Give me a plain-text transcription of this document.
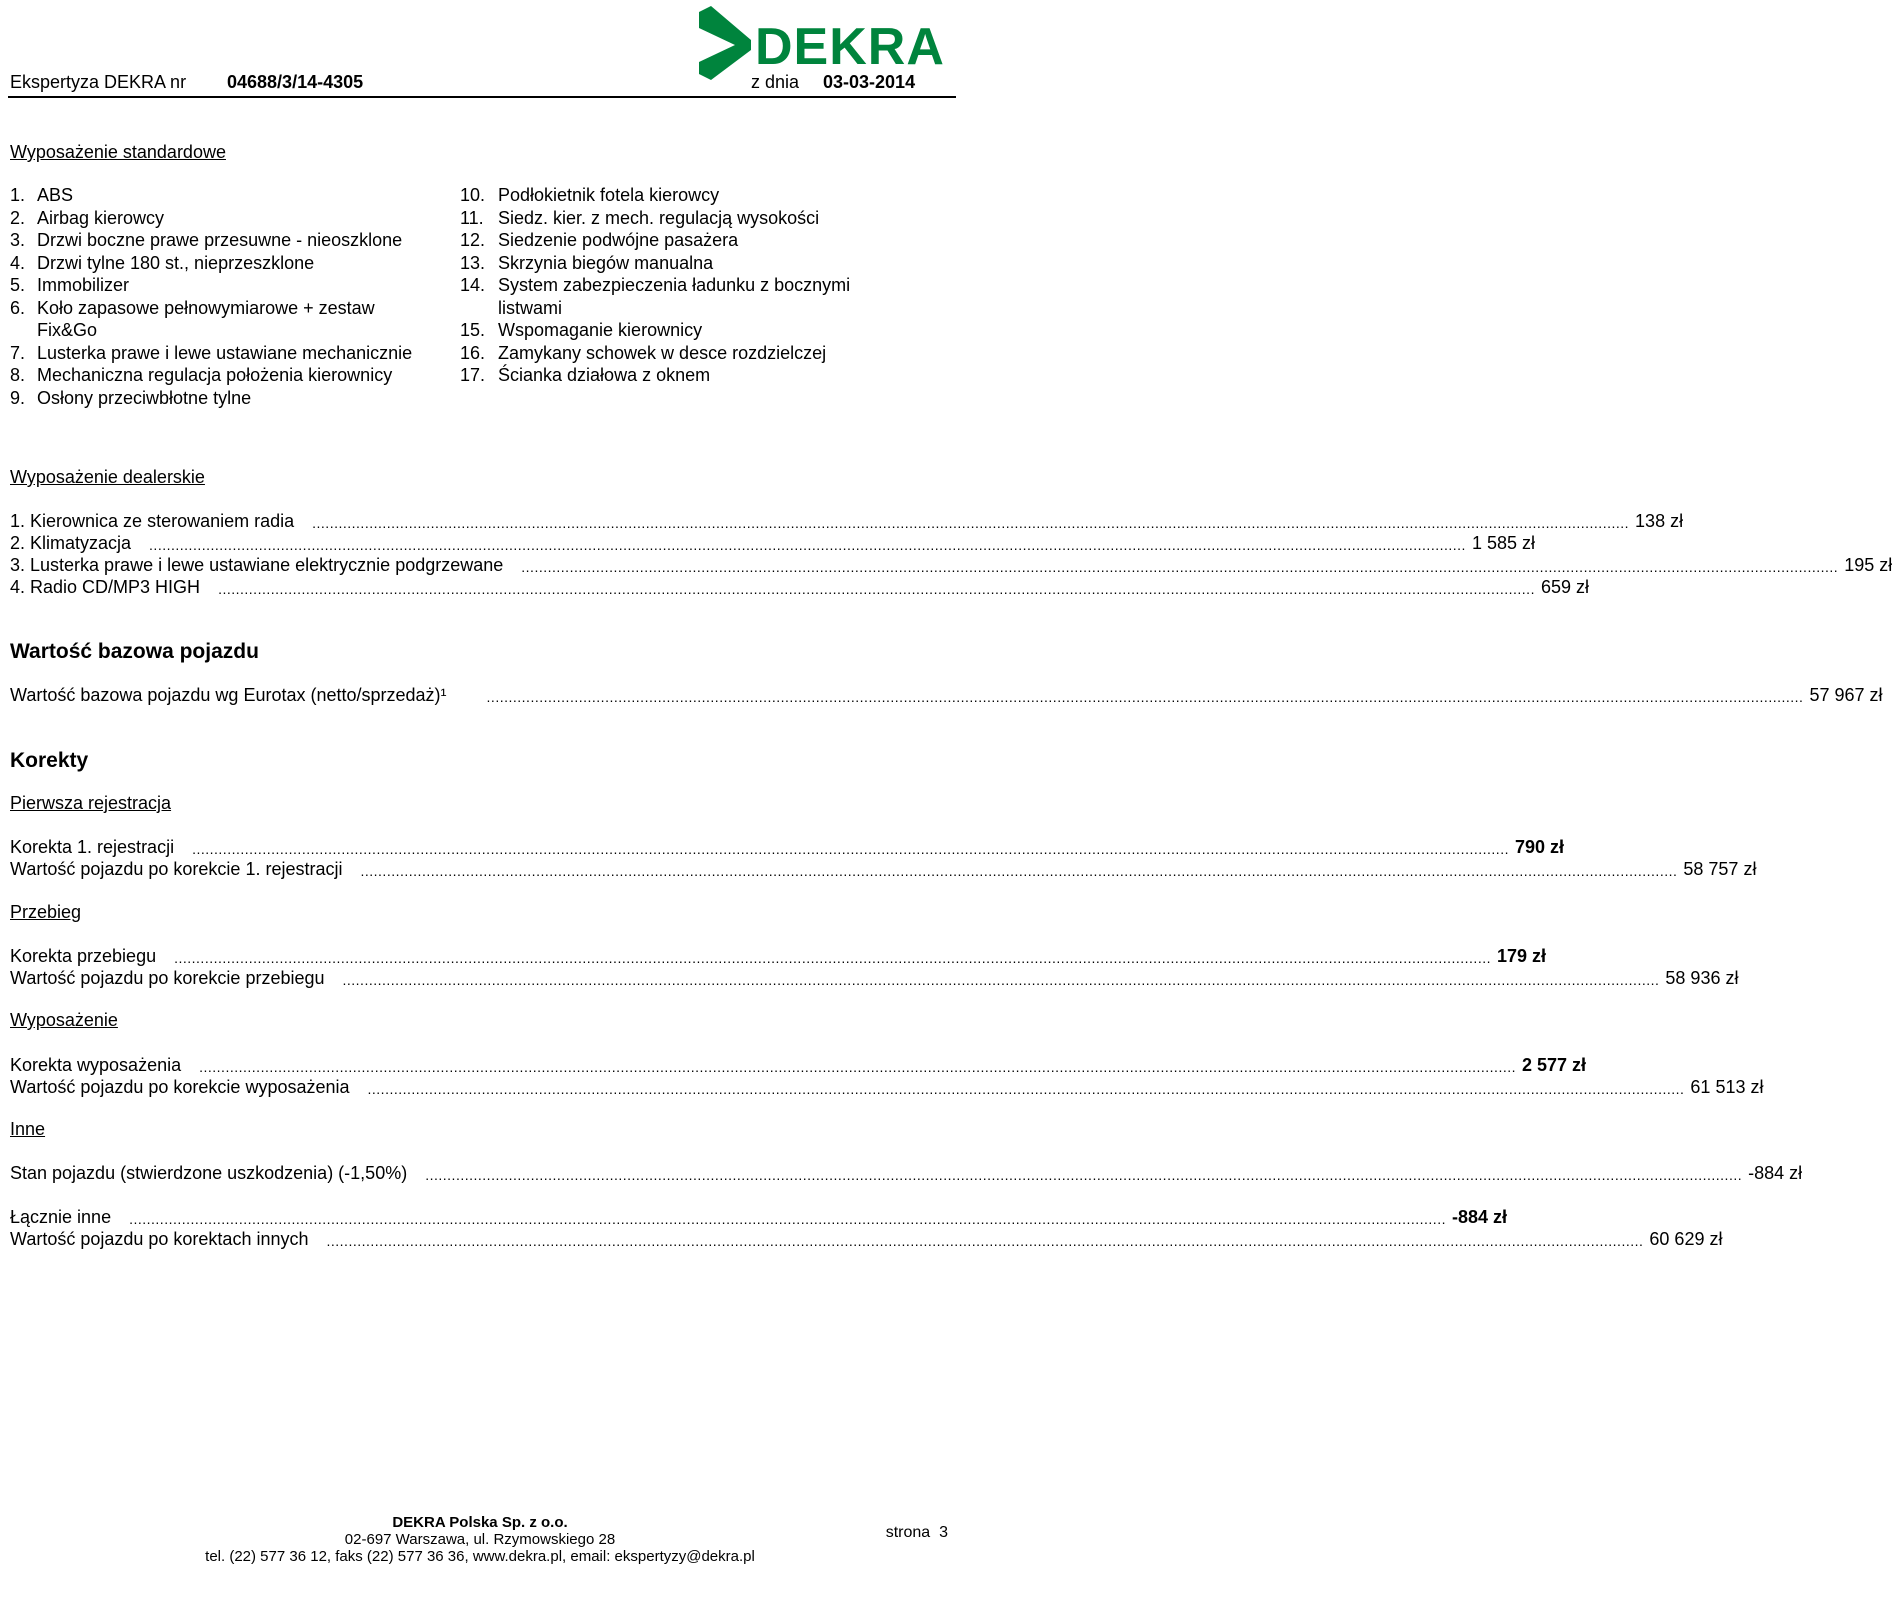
DEKRA
Ekspertyza DEKRA nr 04688/3/14-4305	z dnia 03-03-2014
Wyposażenie standardowe
1. ABS
2. Airbag kierowcy
3. Drzwi boczne prawe przesuwne - nieoszklone
4. Drzwi tylne 180 st., nieprzeszklone
5. Immobilizer
6. Koło zapasowe pełnowymiarowe + zestaw Fix&Go
7. Lusterka prawe i lewe ustawiane mechanicznie
8. Mechaniczna regulacja położenia kierownicy
9. Osłony przeciwbłotne tylne
10. Podłokietnik fotela kierowcy
11. Siedz. kier. z mech. regulacją wysokości
12. Siedzenie podwójne pasażera
13. Skrzynia biegów manualna
14. System zabezpieczenia ładunku z bocznymi listwami
15. Wspomaganie kierownicy
16. Zamykany schowek w desce rozdzielczej
17. Ścianka działowa z oknem
Wyposażenie dealerskie
1. Kierownica ze sterowaniem radia ............................................................................................................................................................................................................................................................................................................ 138 zł
2. Klimatyzacja ............................................................................................................................................................................................................................................................................................................ 1 585 zł
3. Lusterka prawe i lewe ustawiane elektrycznie podgrzewane ............................................................................................................................................................................................................................................................................................................ 195 zł
4. Radio CD/MP3 HIGH ............................................................................................................................................................................................................................................................................................................ 659 zł
Wartość bazowa pojazdu
Wartość bazowa pojazdu wg Eurotax (netto/sprzedaż)¹	............................................................................................................................................................................................................................................................................................................ 57 967 zł
Korekty
Pierwsza rejestracja
Korekta 1. rejestracji ............................................................................................................................................................................................................................................................................................................ 790 zł
Wartość pojazdu po korekcie 1. rejestracji ............................................................................................................................................................................................................................................................................................................ 58 757 zł
Przebieg
Korekta przebiegu ............................................................................................................................................................................................................................................................................................................ 179 zł
Wartość pojazdu po korekcie przebiegu ............................................................................................................................................................................................................................................................................................................ 58 936 zł
Wyposażenie
Korekta wyposażenia ............................................................................................................................................................................................................................................................................................................ 2 577 zł
Wartość pojazdu po korekcie wyposażenia ............................................................................................................................................................................................................................................................................................................ 61 513 zł
Inne
Stan pojazdu (stwierdzone uszkodzenia) (-1,50%) ............................................................................................................................................................................................................................................................................................................ -884 zł
Łącznie inne ............................................................................................................................................................................................................................................................................................................ -884 zł
Wartość pojazdu po korektach innych ............................................................................................................................................................................................................................................................................................................ 60 629 zł
strona 3
DEKRA Polska Sp. z o.o.
02-697 Warszawa, ul. Rzymowskiego 28
tel. (22) 577 36 12, faks (22) 577 36 36, www.dekra.pl, email: ekspertyzy@dekra.pl
